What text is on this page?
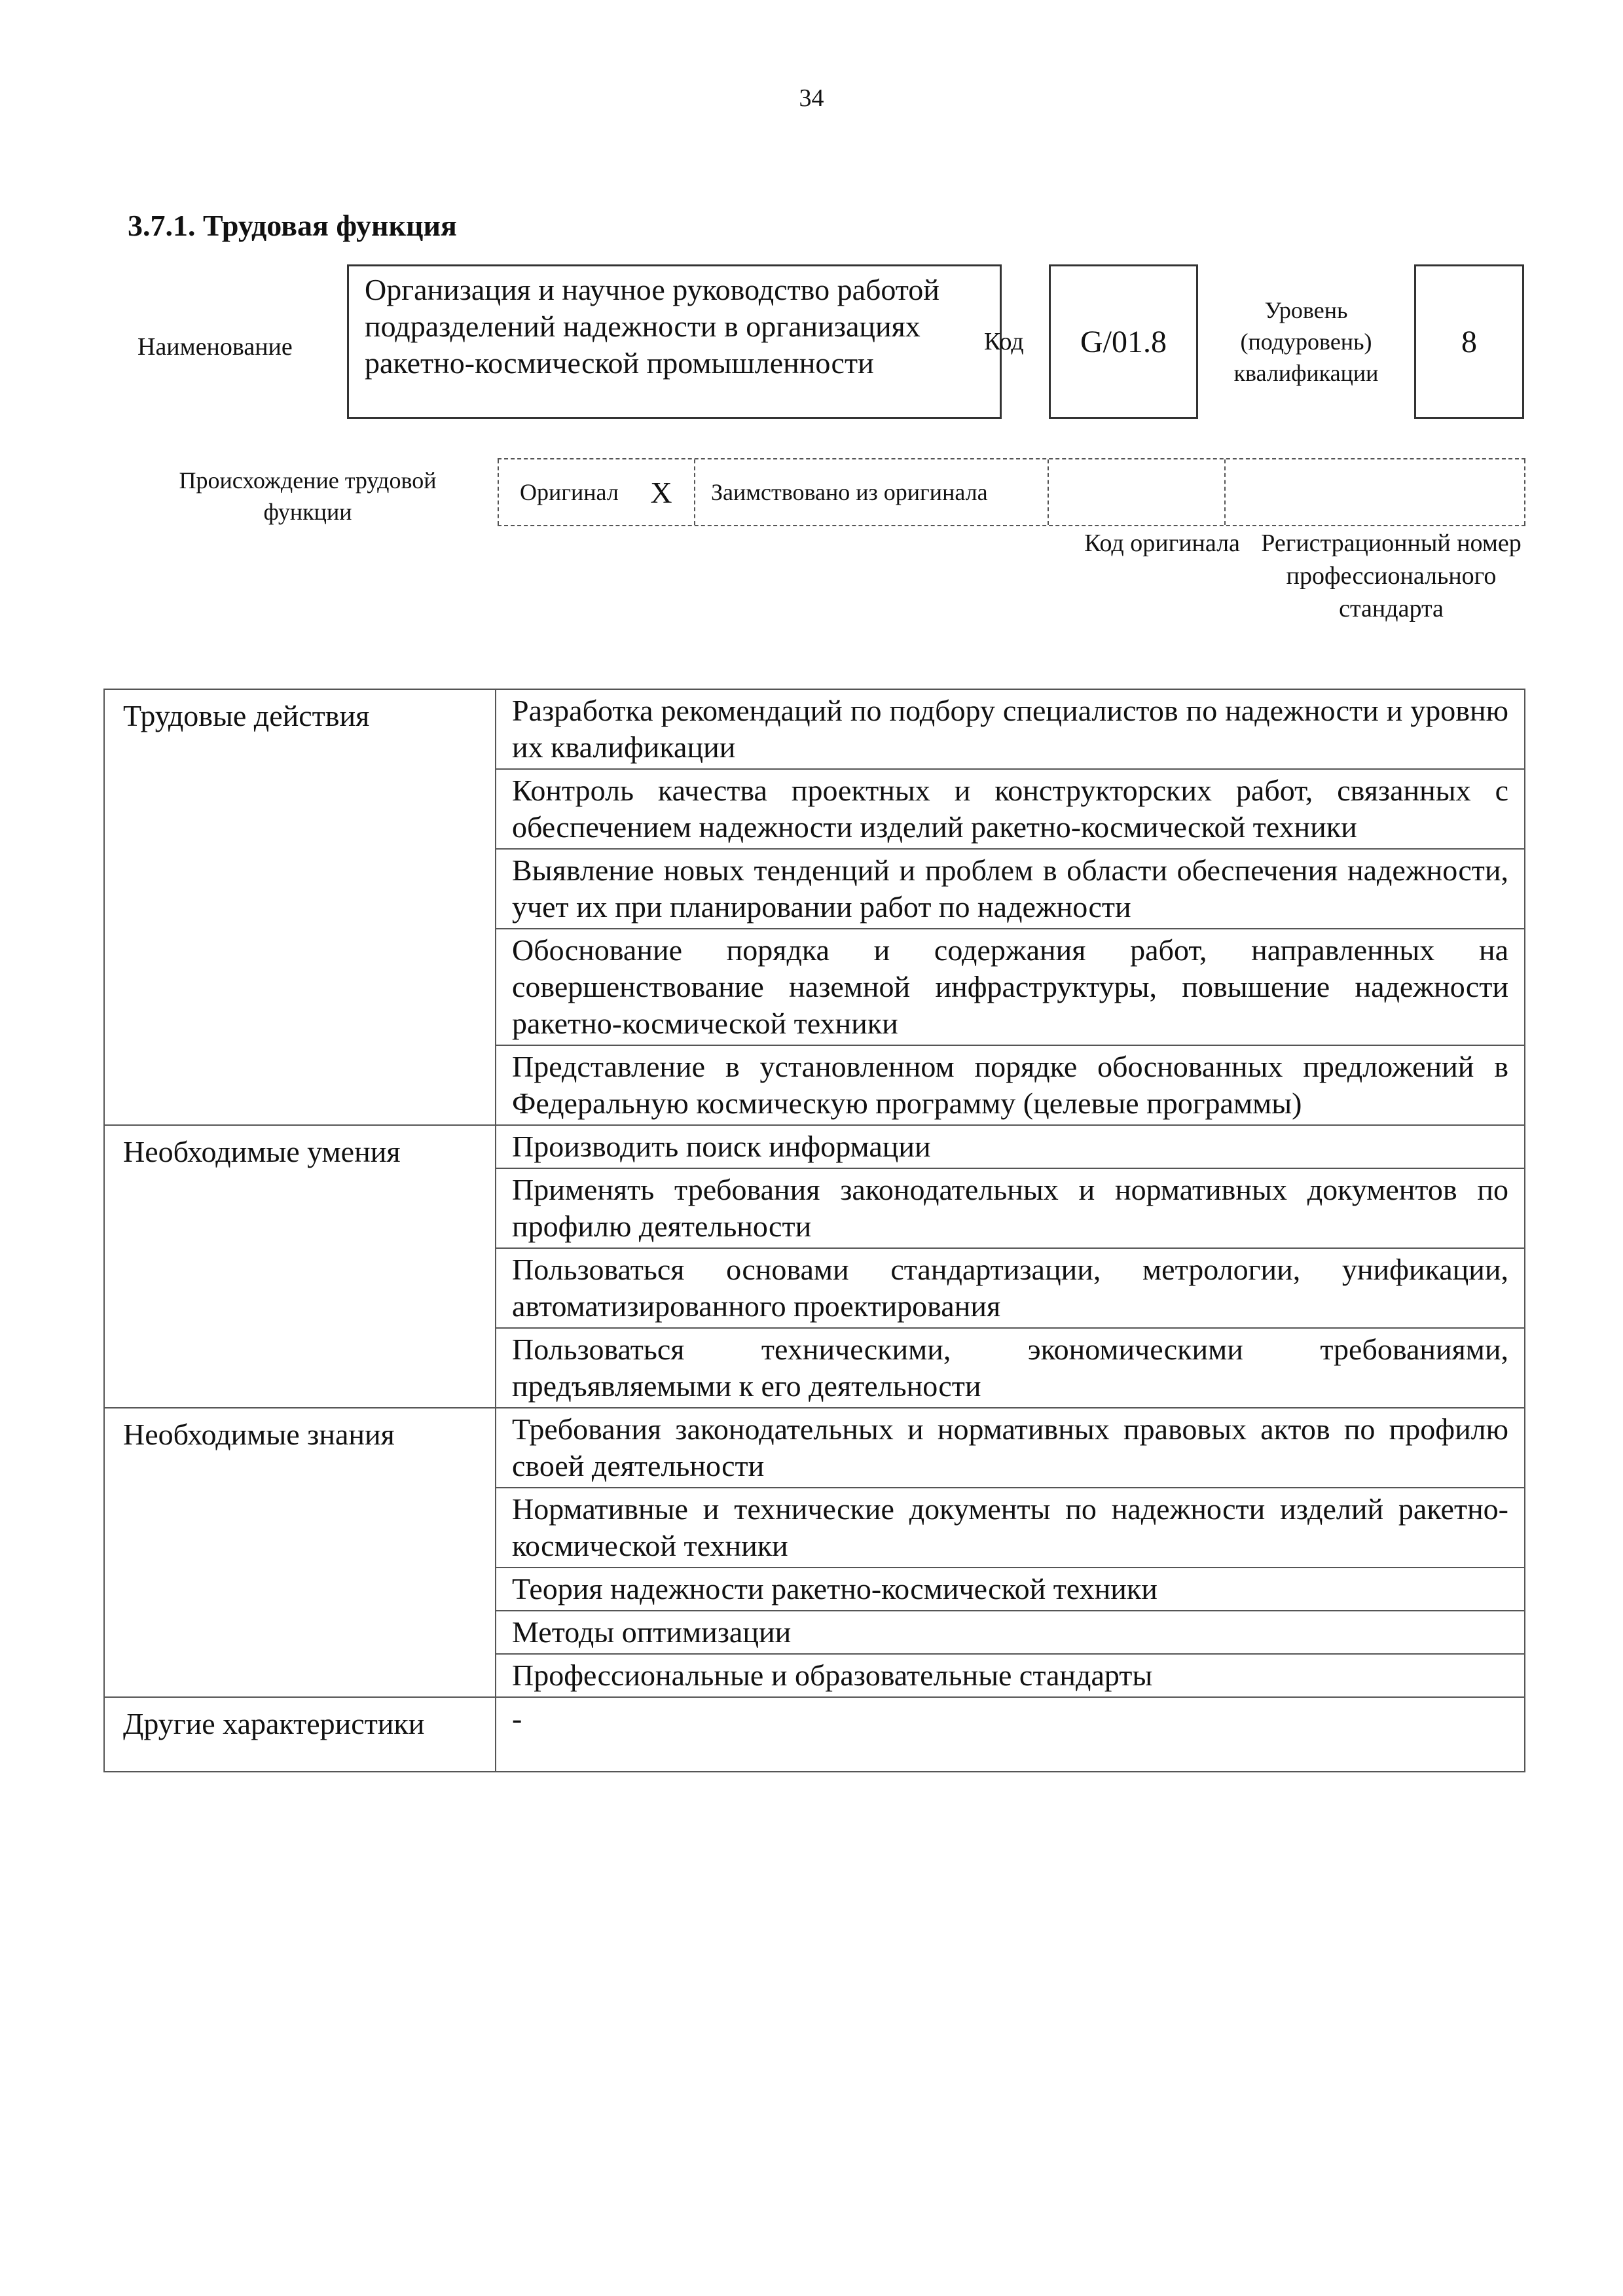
34
3.7.1. Трудовая функция
Наименование
Организация и научное руководство работой подразделений надежности в организациях ракетно-космической промышленности
Код	G/01.8
Уровень (подуровень) квалификации
8
Происхождение трудовой функции
Оригинал	X	Заимствовано из оригинала
Код оригинала Регистрационный номер профессионального стандарта
Трудовые действия	Разработка рекомендаций по подбору специалистов по надежности и уровню их квалификации
	Контроль качества проектных и конструкторских работ, связанных с обеспечением надежности изделий ракетно-космической техники
	Выявление новых тенденций и проблем в области обеспечения надежности, учет их при планировании работ по надежности
	Обоснование порядка и содержания работ, направленных на совершенствование наземной инфраструктуры, повышение надежности ракетно-космической техники
	Представление в установленном порядке обоснованных предложений в Федеральную космическую программу (целевые программы)
Необходимые умения	Производить поиск информации
	Применять требования законодательных и нормативных документов по профилю деятельности
	Пользоваться основами стандартизации, метрологии, унификации, автоматизированного проектирования
	Пользоваться техническими, экономическими требованиями, предъявляемыми к его деятельности
Необходимые знания	Требования законодательных и нормативных правовых актов по профилю своей деятельности
	Нормативные и технические документы по надежности изделий ракетно-космической техники
	Теория надежности ракетно-космической техники
	Методы оптимизации
	Профессиональные и образовательные стандарты
Другие характеристики	-
